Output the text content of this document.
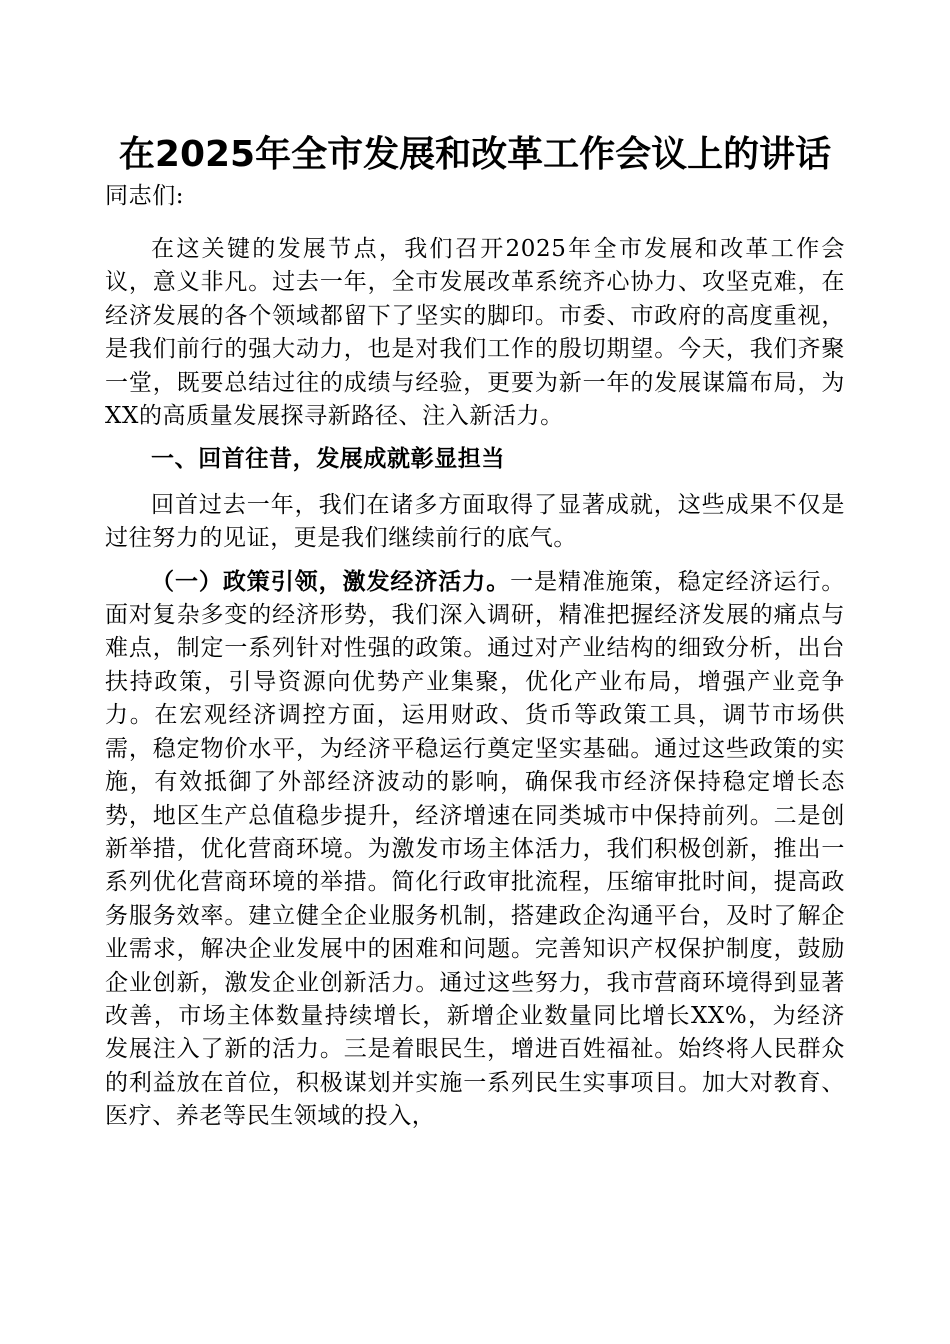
在2025年全市发展和改革工作会议上的讲话

同志们:

在这关键的发展节点，我们召开2025年全市发展和改革工作会议，意义非凡。过去一年，全市发展改革系统齐心协力、攻坚克难，在经济发展的各个领域都留下了坚实的脚印。市委、市政府的高度重视，是我们前行的强大动力，也是对我们工作的殷切期望。今天，我们齐聚一堂，既要总结过往的成绩与经验，更要为新一年的发展谋篇布局，为XX的高质量发展探寻新路径、注入新活力。

一、回首往昔，发展成就彰显担当

回首过去一年，我们在诸多方面取得了显著成就，这些成果不仅是过往努力的见证，更是我们继续前行的底气。

（一）政策引领，激发经济活力。一是精准施策，稳定经济运行。面对复杂多变的经济形势，我们深入调研，精准把握经济发展的痛点与难点，制定一系列针对性强的政策。通过对产业结构的细致分析，出台扶持政策，引导资源向优势产业集聚，优化产业布局，增强产业竞争力。在宏观经济调控方面，运用财政、货币等政策工具，调节市场供需，稳定物价水平，为经济平稳运行奠定坚实基础。通过这些政策的实施，有效抵御了外部经济波动的影响，确保我市经济保持稳定增长态势，地区生产总值稳步提升，经济增速在同类城市中保持前列。二是创新举措，优化营商环境。为激发市场主体活力，我们积极创新，推出一系列优化营商环境的举措。简化行政审批流程，压缩审批时间，提高政务服务效率。建立健全企业服务机制，搭建政企沟通平台，及时了解企业需求，解决企业发展中的困难和问题。完善知识产权保护制度，鼓励企业创新，激发企业创新活力。通过这些努力，我市营商环境得到显著改善，市场主体数量持续增长，新增企业数量同比增长XX%，为经济发展注入了新的活力。三是着眼民生，增进百姓福祉。始终将人民群众的利益放在首位，积极谋划并实施一系列民生实事项目。加大对教育、医疗、养老等民生领域的投入，
